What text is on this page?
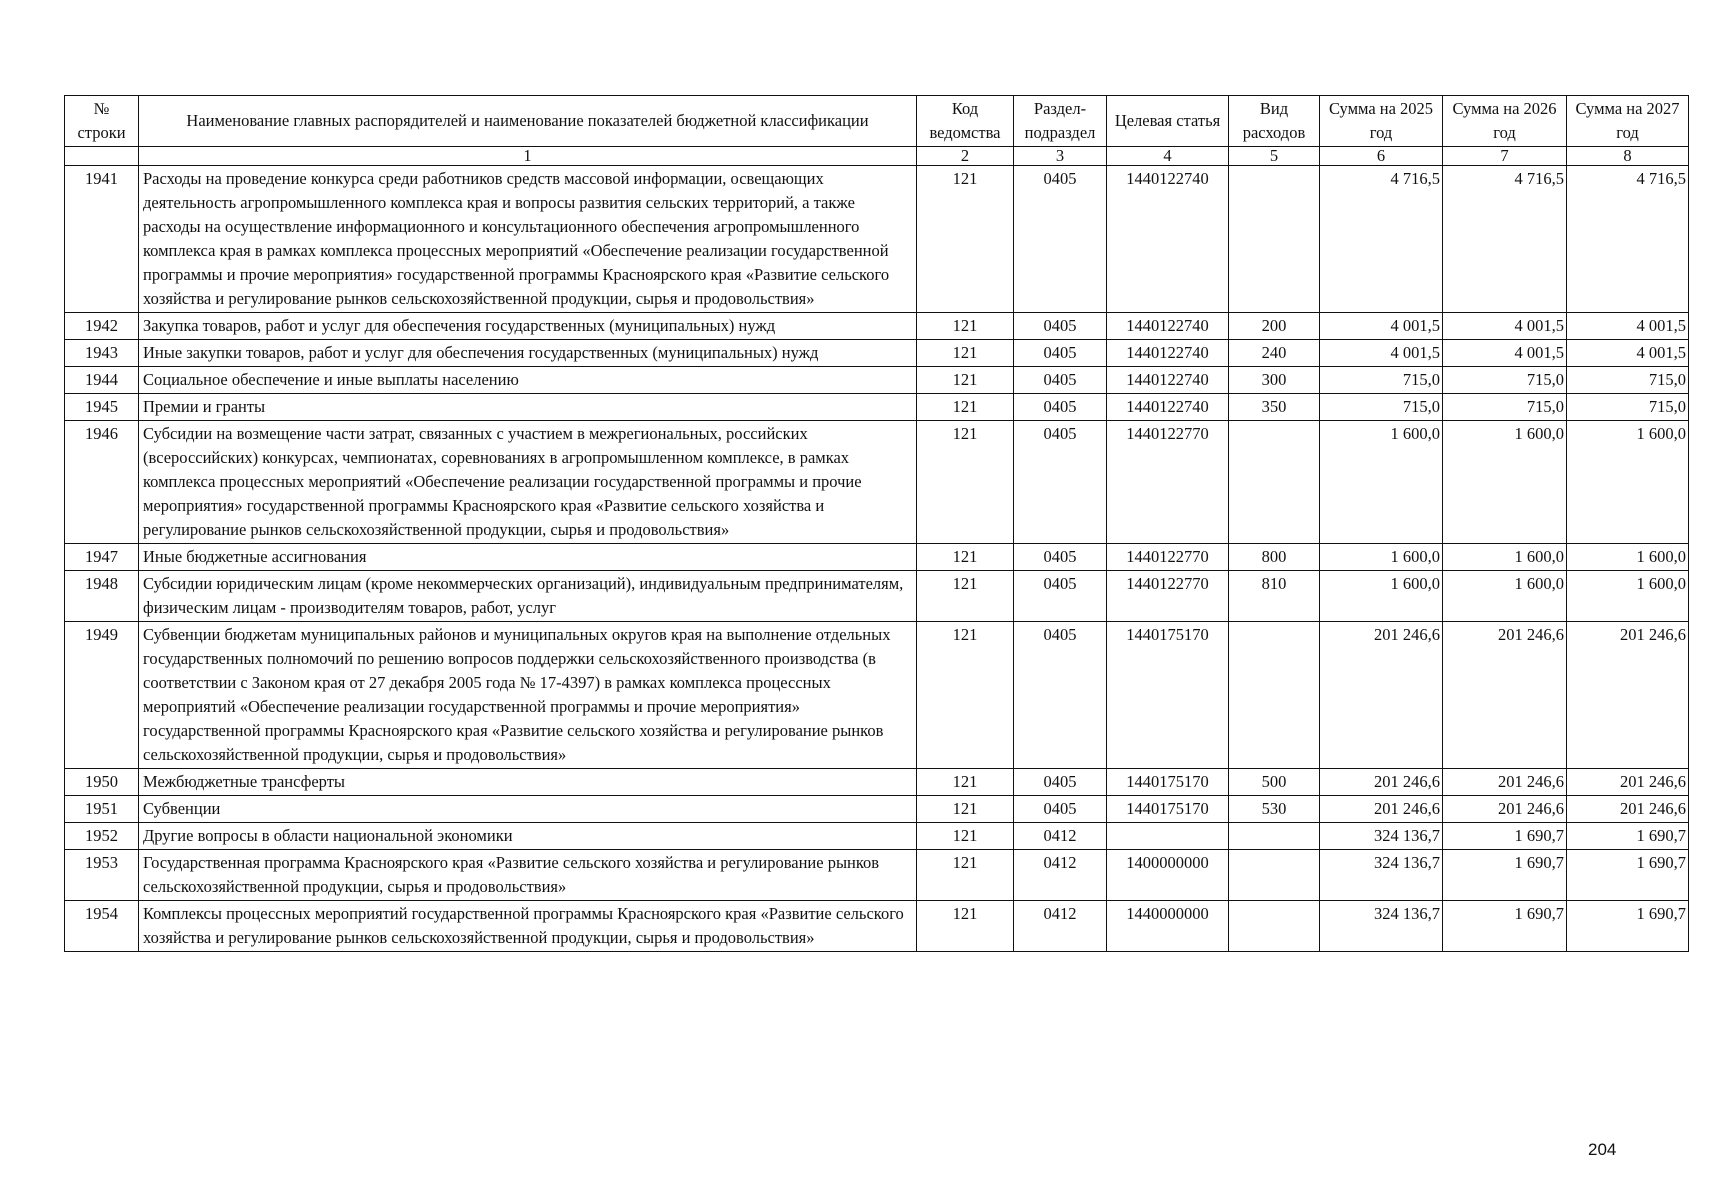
№ строки	Наименование главных распорядителей и наименование показателей бюджетной классификации	Код ведомства	Раздел-подраздел	Целевая статья	Вид расходов	Сумма на 2025 год	Сумма на 2026 год	Сумма на 2027 год
	1	2	3	4	5	6	7	8
1941	Расходы на проведение конкурса среди работников средств массовой информации, освещающих деятельность агропромышленного комплекса края и вопросы развития сельских территорий, а также расходы на осуществление информационного и консультационного обеспечения агропромышленного комплекса края в рамках комплекса процессных мероприятий «Обеспечение реализации государственной программы и прочие мероприятия» государственной программы Красноярского края «Развитие сельского хозяйства и регулирование рынков сельскохозяйственной продукции, сырья и продовольствия»	121	0405	1440122740		4 716,5	4 716,5	4 716,5
1942	Закупка товаров, работ и услуг для обеспечения государственных (муниципальных) нужд	121	0405	1440122740	200	4 001,5	4 001,5	4 001,5
1943	Иные закупки товаров, работ и услуг для обеспечения государственных (муниципальных) нужд	121	0405	1440122740	240	4 001,5	4 001,5	4 001,5
1944	Социальное обеспечение и иные выплаты населению	121	0405	1440122740	300	715,0	715,0	715,0
1945	Премии и гранты	121	0405	1440122740	350	715,0	715,0	715,0
1946	Субсидии на возмещение части затрат, связанных с участием в межрегиональных, российских (всероссийских) конкурсах, чемпионатах, соревнованиях в агропромышленном комплексе, в рамках комплекса процессных мероприятий «Обеспечение реализации государственной программы и прочие мероприятия» государственной программы Красноярского края «Развитие сельского хозяйства и регулирование рынков сельскохозяйственной продукции, сырья и продовольствия»	121	0405	1440122770		1 600,0	1 600,0	1 600,0
1947	Иные бюджетные ассигнования	121	0405	1440122770	800	1 600,0	1 600,0	1 600,0
1948	Субсидии юридическим лицам (кроме некоммерческих организаций), индивидуальным предпринимателям, физическим лицам - производителям товаров, работ, услуг	121	0405	1440122770	810	1 600,0	1 600,0	1 600,0
1949	Субвенции бюджетам муниципальных районов и муниципальных округов края на выполнение отдельных государственных полномочий по решению вопросов поддержки сельскохозяйственного производства (в соответствии с Законом края от 27 декабря 2005 года № 17-4397) в рамках комплекса процессных мероприятий «Обеспечение реализации государственной программы и прочие мероприятия» государственной программы Красноярского края «Развитие сельского хозяйства и регулирование рынков сельскохозяйственной продукции, сырья и продовольствия»	121	0405	1440175170		201 246,6	201 246,6	201 246,6
1950	Межбюджетные трансферты	121	0405	1440175170	500	201 246,6	201 246,6	201 246,6
1951	Субвенции	121	0405	1440175170	530	201 246,6	201 246,6	201 246,6
1952	Другие вопросы в области национальной экономики	121	0412			324 136,7	1 690,7	1 690,7
1953	Государственная программа Красноярского края «Развитие сельского хозяйства и регулирование рынков сельскохозяйственной продукции, сырья и продовольствия»	121	0412	1400000000		324 136,7	1 690,7	1 690,7
1954	Комплексы процессных мероприятий государственной программы Красноярского края «Развитие сельского хозяйства и регулирование рынков сельскохозяйственной продукции, сырья и продовольствия»	121	0412	1440000000		324 136,7	1 690,7	1 690,7
204
